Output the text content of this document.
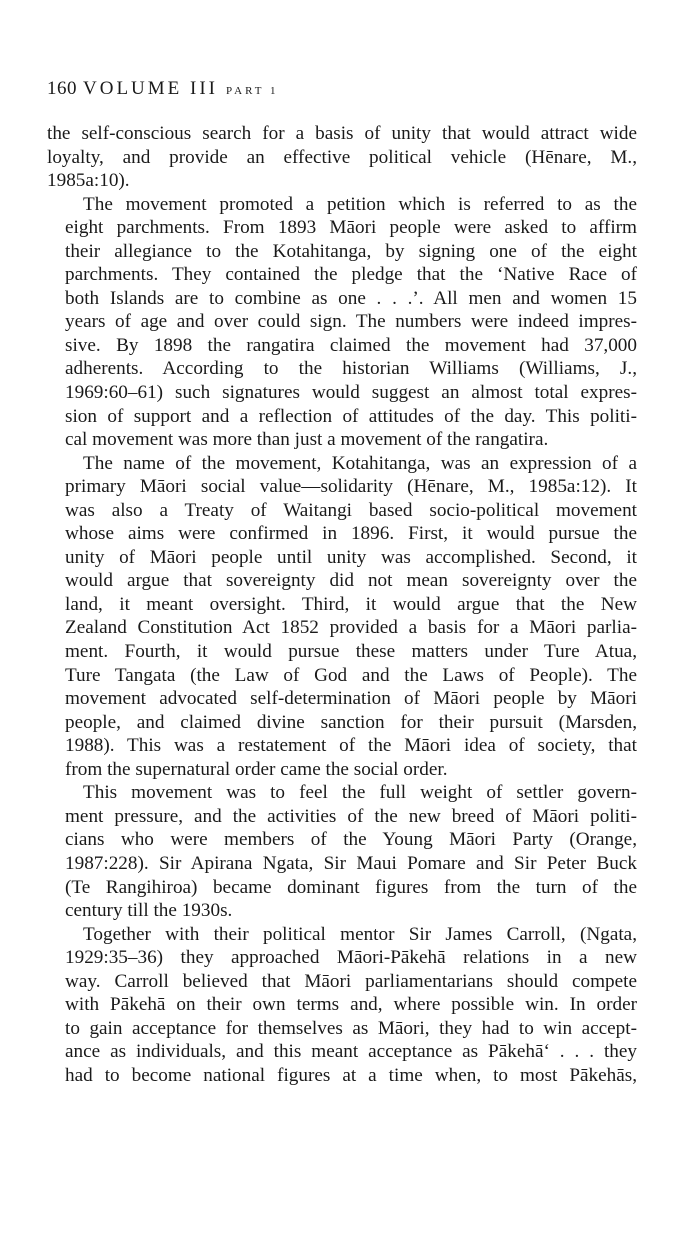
160 VOLUME III PART 1

the self-conscious search for a basis of unity that would attract wide
loyalty, and provide an effective political vehicle (Hēnare, M.,
1985a:10).

The movement promoted a petition which is referred to as the
eight parchments. From 1893 Māori people were asked to affirm
their allegiance to the Kotahitanga, by signing one of the eight
parchments. They contained the pledge that the ‘Native Race of
both Islands are to combine as one . . .’. All men and women 15
years of age and over could sign. The numbers were indeed impres-
sive. By 1898 the rangatira claimed the movement had 37,000
adherents. According to the historian Williams (Williams, J.,
1969:60–61) such signatures would suggest an almost total expres-
sion of support and a reflection of attitudes of the day. This politi-
cal movement was more than just a movement of the rangatira.

The name of the movement, Kotahitanga, was an expression of a
primary Māori social value—solidarity (Hēnare, M., 1985a:12). It
was also a Treaty of Waitangi based socio-political movement
whose aims were confirmed in 1896. First, it would pursue the
unity of Māori people until unity was accomplished. Second, it
would argue that sovereignty did not mean sovereignty over the
land, it meant oversight. Third, it would argue that the New
Zealand Constitution Act 1852 provided a basis for a Māori parlia-
ment. Fourth, it would pursue these matters under Ture Atua,
Ture Tangata (the Law of God and the Laws of People). The
movement advocated self-determination of Māori people by Māori
people, and claimed divine sanction for their pursuit (Marsden,
1988). This was a restatement of the Māori idea of society, that
from the supernatural order came the social order.

This movement was to feel the full weight of settler govern-
ment pressure, and the activities of the new breed of Māori politi-
cians who were members of the Young Māori Party (Orange,
1987:228). Sir Apirana Ngata, Sir Maui Pomare and Sir Peter Buck
(Te Rangihiroa) became dominant figures from the turn of the
century till the 1930s.

Together with their political mentor Sir James Carroll, (Ngata,
1929:35–36) they approached Māori-Pākehā relations in a new
way. Carroll believed that Māori parliamentarians should compete
with Pākehā on their own terms and, where possible win. In order
to gain acceptance for themselves as Māori, they had to win accept-
ance as individuals, and this meant acceptance as Pākehā‘ . . . they
had to become national figures at a time when, to most Pākehās,
